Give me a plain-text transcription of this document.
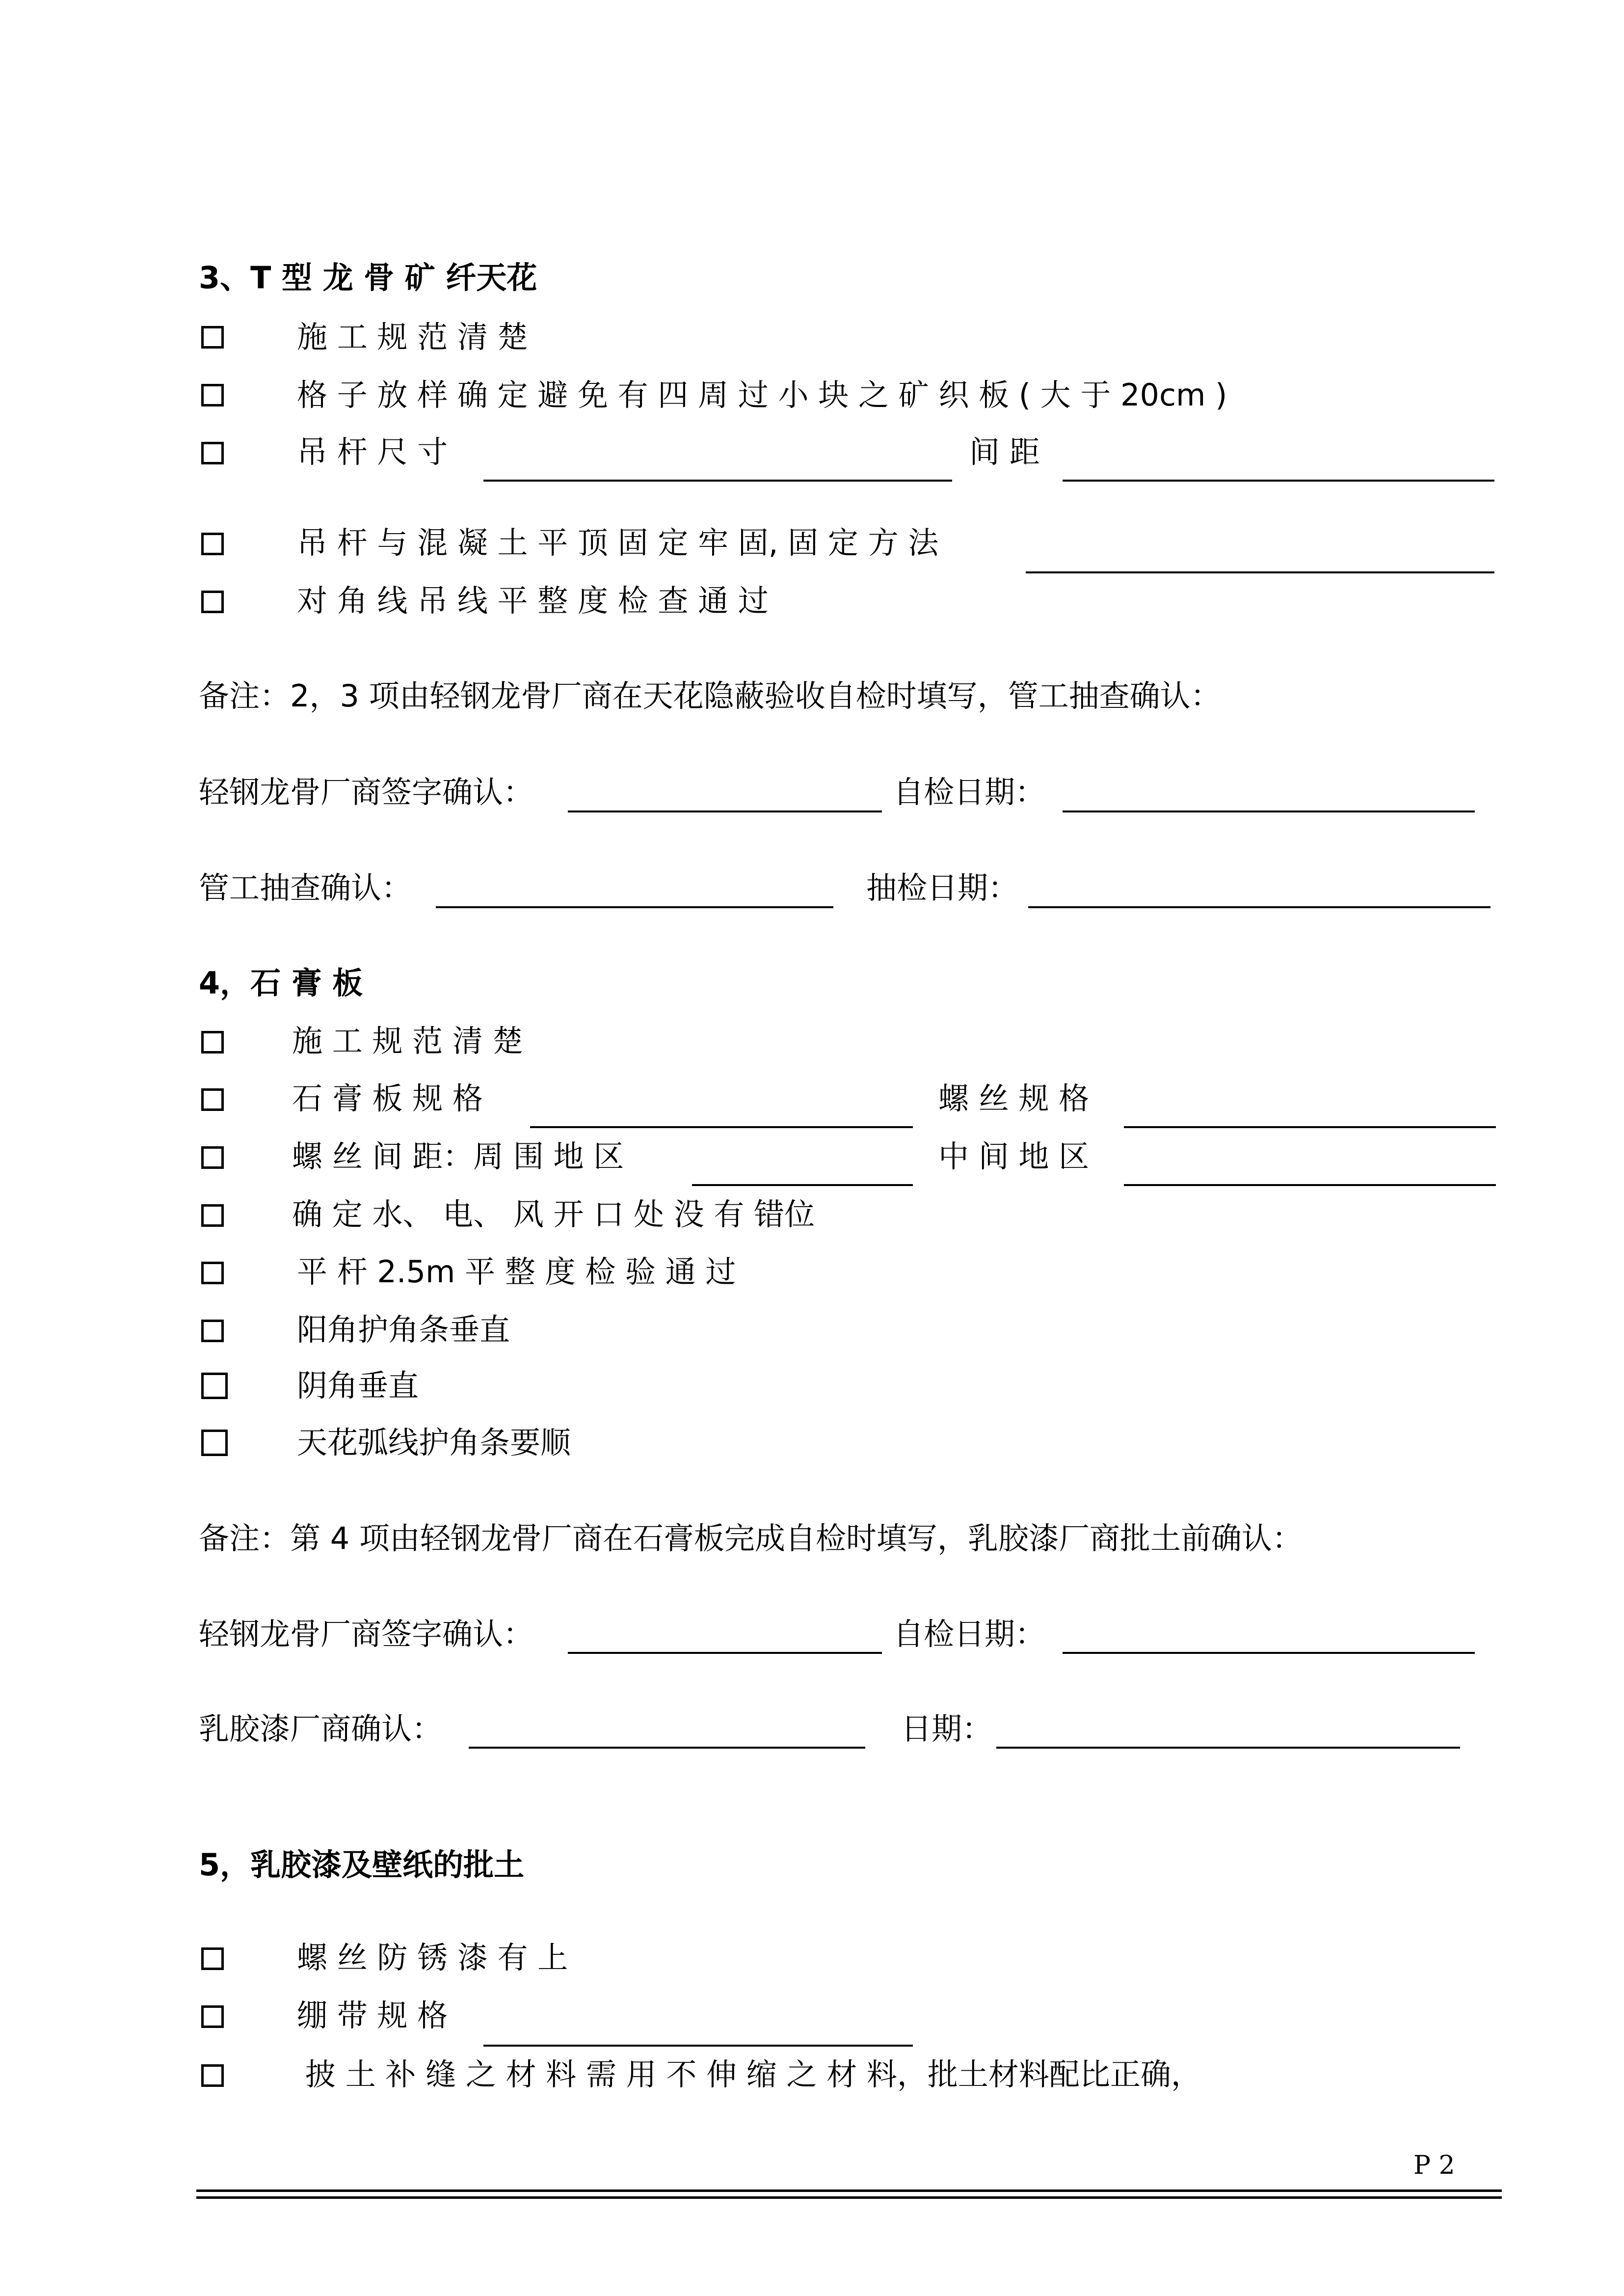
3、T 型 龙 骨 矿 纤天花
施 工 规 范 清 楚
格 子 放 样 确 定 避 免 有 四 周 过 小 块 之 矿 织 板 ( 大 于 20cm )
吊 杆 尺 寸	间 距
吊 杆 与 混 凝 土 平 顶 固 定 牢 固, 固 定 方 法
对 角 线 吊 线 平 整 度 检 查 通 过
备注：2，3 项由轻钢龙骨厂商在天花隐蔽验收自检时填写，管工抽查确认：
轻钢龙骨厂商签字确认：	自检日期：
管工抽查确认：	抽检日期：
4，石 膏 板
施 工 规 范 清 楚
石 膏 板 规 格	螺 丝 规 格
螺 丝 间 距：周 围 地 区	中 间 地 区
确 定 水、 电、 风 开 口 处 没 有 错位
平 杆 2.5m 平 整 度 检 验 通 过
阳角护角条垂直
阴角垂直
天花弧线护角条要顺
备注：第 4 项由轻钢龙骨厂商在石膏板完成自检时填写，乳胶漆厂商批土前确认：
轻钢龙骨厂商签字确认：	自检日期：
乳胶漆厂商确认：	日期：
5，乳胶漆及壁纸的批土
螺 丝 防 锈 漆 有 上
绷 带 规 格
披 土 补 缝 之 材 料 需 用 不 伸 缩 之 材 料，批土材料配比正确，
P 2
